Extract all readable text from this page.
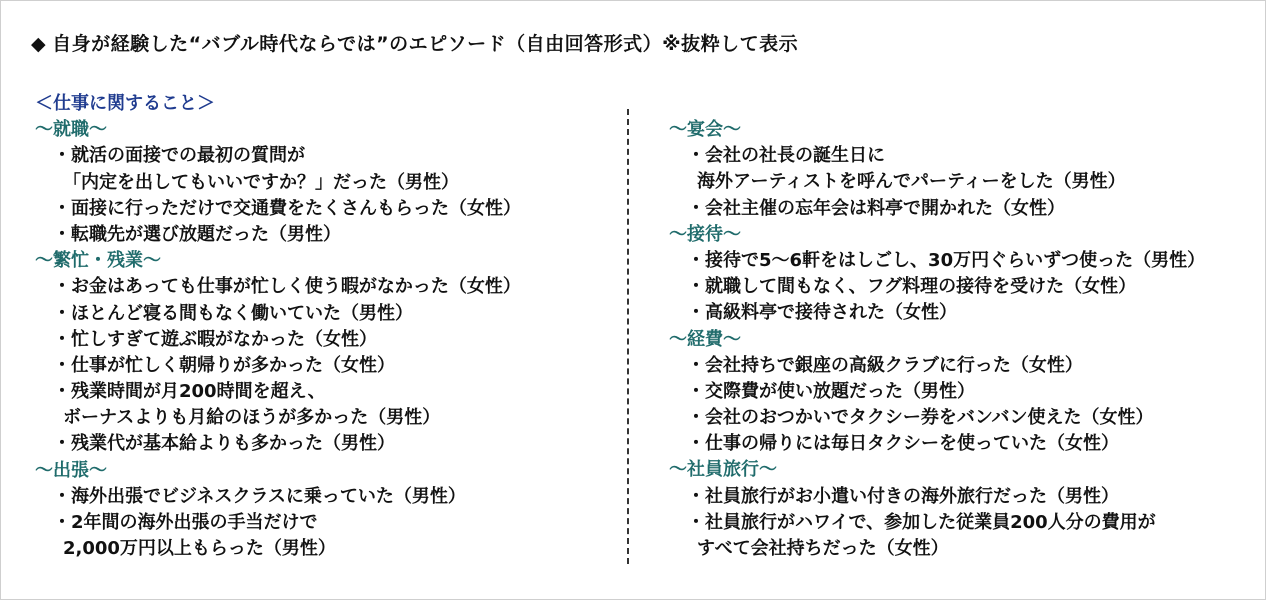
◆ 自身が経験した“バブル時代ならでは”のエピソード（自由回答形式）※抜粋して表示
＜仕事に関すること＞
～就職～
・就活の面接での最初の質問が
「内定を出してもいいですか？」だった（男性）
・面接に行っただけで交通費をたくさんもらった（女性）
・転職先が選び放題だった（男性）
～繁忙・残業～
・お金はあっても仕事が忙しく使う暇がなかった（女性）
・ほとんど寝る間もなく働いていた（男性）
・忙しすぎて遊ぶ暇がなかった（女性）
・仕事が忙しく朝帰りが多かった（女性）
・残業時間が月200時間を超え、
ボーナスよりも月給のほうが多かった（男性）
・残業代が基本給よりも多かった（男性）
～出張～
・海外出張でビジネスクラスに乗っていた（男性）
・2年間の海外出張の手当だけで
2,000万円以上もらった（男性）
～宴会～
・会社の社長の誕生日に
海外アーティストを呼んでパーティーをした（男性）
・会社主催の忘年会は料亭で開かれた（女性）
～接待～
・接待で5～6軒をはしごし、30万円ぐらいずつ使った（男性）
・就職して間もなく、フグ料理の接待を受けた（女性）
・高級料亭で接待された（女性）
～経費～
・会社持ちで銀座の高級クラブに行った（女性）
・交際費が使い放題だった（男性）
・会社のおつかいでタクシー券をバンバン使えた（女性）
・仕事の帰りには毎日タクシーを使っていた（女性）
～社員旅行～
・社員旅行がお小遣い付きの海外旅行だった（男性）
・社員旅行がハワイで、参加した従業員200人分の費用が
すべて会社持ちだった（女性）
